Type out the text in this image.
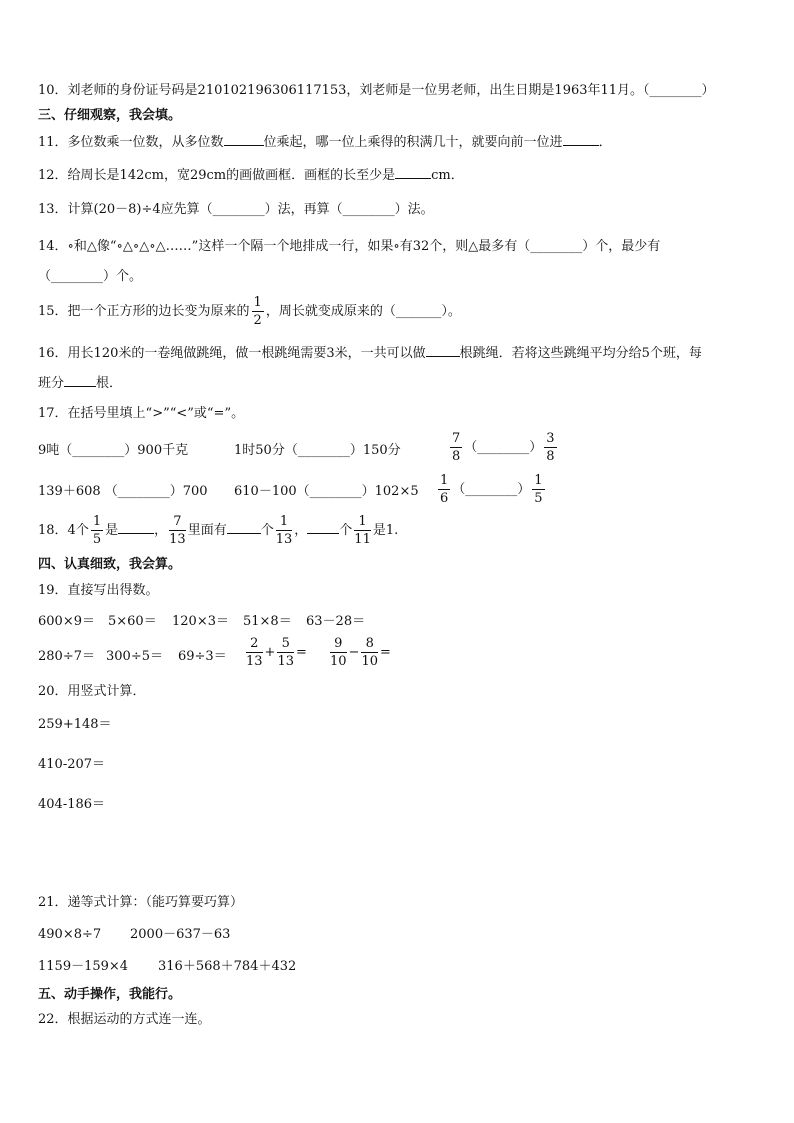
10．刘老师的身份证号码是210102196306117153，刘老师是一位男老师，出生日期是1963年11月。（________）
三、仔细观察，我会填。
11．多位数乘一位数，从多位数	位乘起，哪一位上乘得的积满几十，就要向前一位进	．
12．给周长是142cm，宽29cm的画做画框．画框的长至少是	cm．
13．计算(20－8)÷4应先算（________）法，再算（________）法。
14．∘和△像“∘△∘△∘△……”这样一个隔一个地排成一行，如果∘有32个，则△最多有（________）个，最少有
（________）个。
15．把一个正方形的边长变为原来的 $\frac{1}{2}$ ，周长就变成原来的（_______）。
16．用长120米的一卷绳做跳绳，做一根跳绳需要3米，一共可以做	根跳绳．若将这些跳绳平均分给5个班，每
班分 根．
17．在括号里填上“>”“<”或“=”。
9吨（________）900千克	1时50分（________）150分	$\frac{7}{8}$ （________） $\frac{3}{8}$
139＋608 （________）700 610－100（________）102×5 $\frac{1}{6}$ （________） $\frac{1}{5}$
18．4个 $\frac{1}{5}$ 是	， $\frac{7}{13}$ 里面有	个 $\frac{1}{13}$ ， 个 $\frac{1}{11}$ 是1.
四、认真细致，我会算。
19．直接写出得数。
600×9＝ 5×60＝ 120×3＝ 51×8＝ 63－28＝
$280\div 7= 300\div 5= 69\div 3= \frac{2}{13} + \frac{5}{13} = \frac{9}{10} - \frac{8}{10}$ =
20．用竖式计算．
259+148＝
410-207＝
404-186＝
21．递等式计算：（能巧算要巧算）
490×8÷7 2000－637－63
1159－159×4 316＋568＋784＋432
五、动手操作，我能行。
22．根据运动的方式连一连。
